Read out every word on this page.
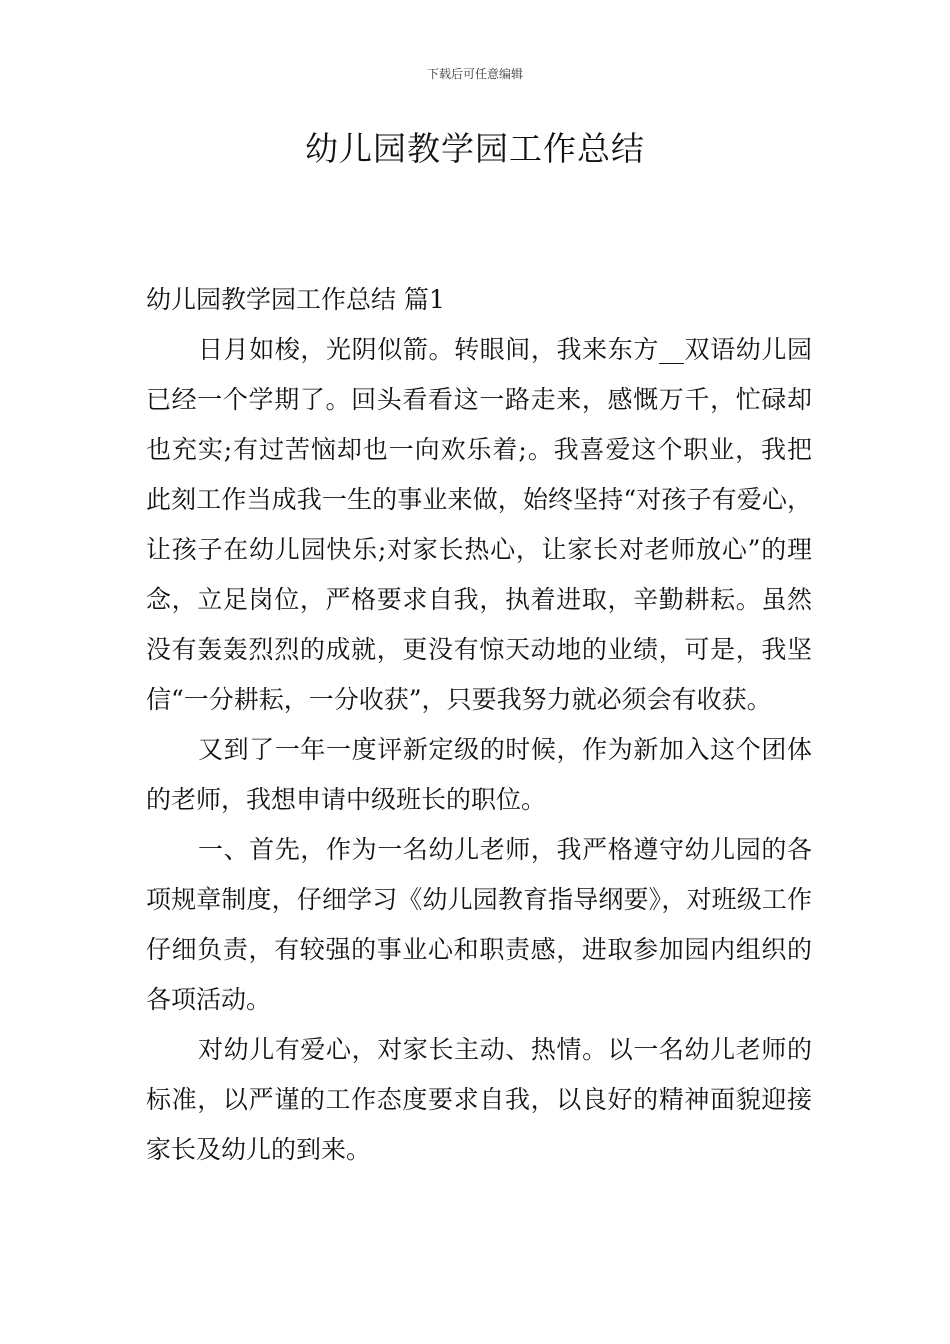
下载后可任意编辑
幼儿园教学园工作总结
幼儿园教学园工作总结 篇1

日月如梭，光阴似箭。转眼间，我来东方__双语幼儿园已经一个学期了。回头看看这一路走来，感慨万千，忙碌却也充实;有过苦恼却也一向欢乐着;。我喜爱这个职业，我把此刻工作当成我一生的事业来做，始终坚持“对孩子有爱心，让孩子在幼儿园快乐;对家长热心，让家长对老师放心”的理念，立足岗位，严格要求自我，执着进取，辛勤耕耘。虽然没有轰轰烈烈的成就，更没有惊天动地的业绩，可是，我坚信“一分耕耘，一分收获”，只要我努力就必须会有收获。

又到了一年一度评新定级的时候，作为新加入这个团体的老师，我想申请中级班长的职位。

一、首先，作为一名幼儿老师，我严格遵守幼儿园的各项规章制度，仔细学习《幼儿园教育指导纲要》，对班级工作仔细负责，有较强的事业心和职责感，进取参加园内组织的各项活动。

对幼儿有爱心，对家长主动、热情。以一名幼儿老师的标准，以严谨的工作态度要求自我，以良好的精神面貌迎接家长及幼儿的到来。
